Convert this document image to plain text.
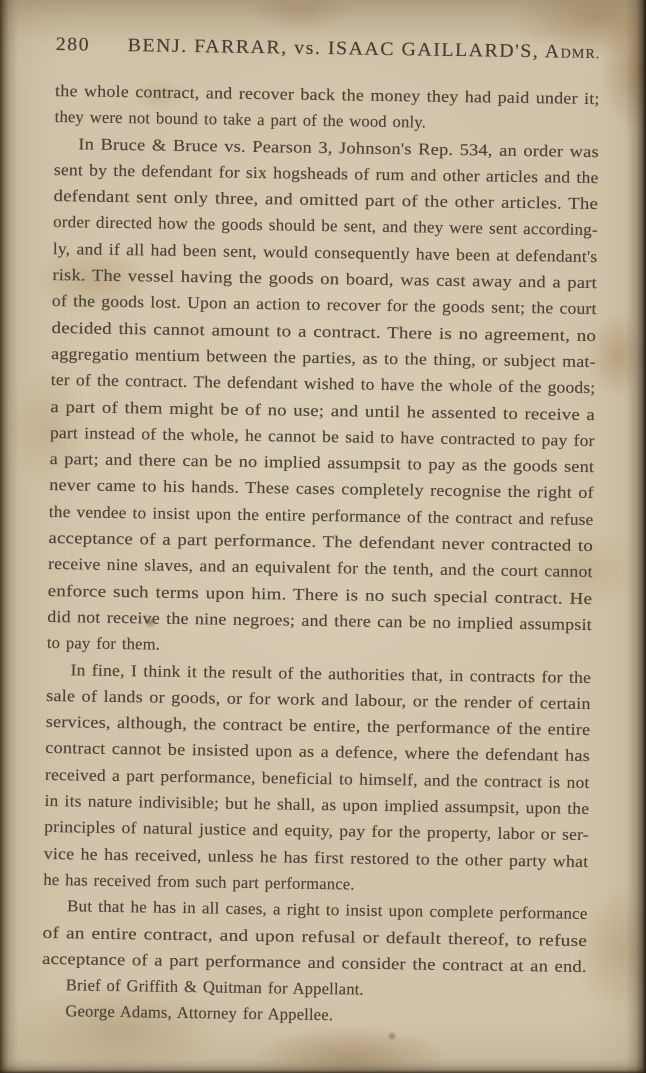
280 BENJ. FARRAR, vs. ISAAC GAILLARD'S, ADMR.
the whole contract, and recover back the money they had paid under it;
they were not bound to take a part of the wood only.
In Bruce & Bruce vs. Pearson 3, Johnson's Rep. 534, an order was
sent by the defendant for six hogsheads of rum and other articles and the
defendant sent only three, and omitted part of the other articles. The
order directed how the goods should be sent, and they were sent according-
ly, and if all had been sent, would consequently have been at defendant's
risk. The vessel having the goods on board, was cast away and a part
of the goods lost. Upon an action to recover for the goods sent; the court
decided this cannot amount to a contract. There is no agreement, no
aggregatio mentium between the parties, as to the thing, or subject mat-
ter of the contract. The defendant wished to have the whole of the goods;
a part of them might be of no use; and until he assented to receive a
part instead of the whole, he cannot be said to have contracted to pay for
a part; and there can be no implied assumpsit to pay as the goods sent
never came to his hands. These cases completely recognise the right of
the vendee to insist upon the entire performance of the contract and refuse
acceptance of a part performance. The defendant never contracted to
receive nine slaves, and an equivalent for the tenth, and the court cannot
enforce such terms upon him. There is no such special contract. He
did not receive the nine negroes; and there can be no implied assumpsit
to pay for them.
In fine, I think it the result of the authorities that, in contracts for the
sale of lands or goods, or for work and labour, or the render of certain
services, although, the contract be entire, the performance of the entire
contract cannot be insisted upon as a defence, where the defendant has
received a part performance, beneficial to himself, and the contract is not
in its nature indivisible; but he shall, as upon implied assumpsit, upon the
principles of natural justice and equity, pay for the property, labor or ser-
vice he has received, unless he has first restored to the other party what
he has received from such part performance.
But that he has in all cases, a right to insist upon complete performance
of an entire contract, and upon refusal or default thereof, to refuse
acceptance of a part performance and consider the contract at an end.
Brief of Griffith & Quitman for Appellant.
George Adams, Attorney for Appellee.
